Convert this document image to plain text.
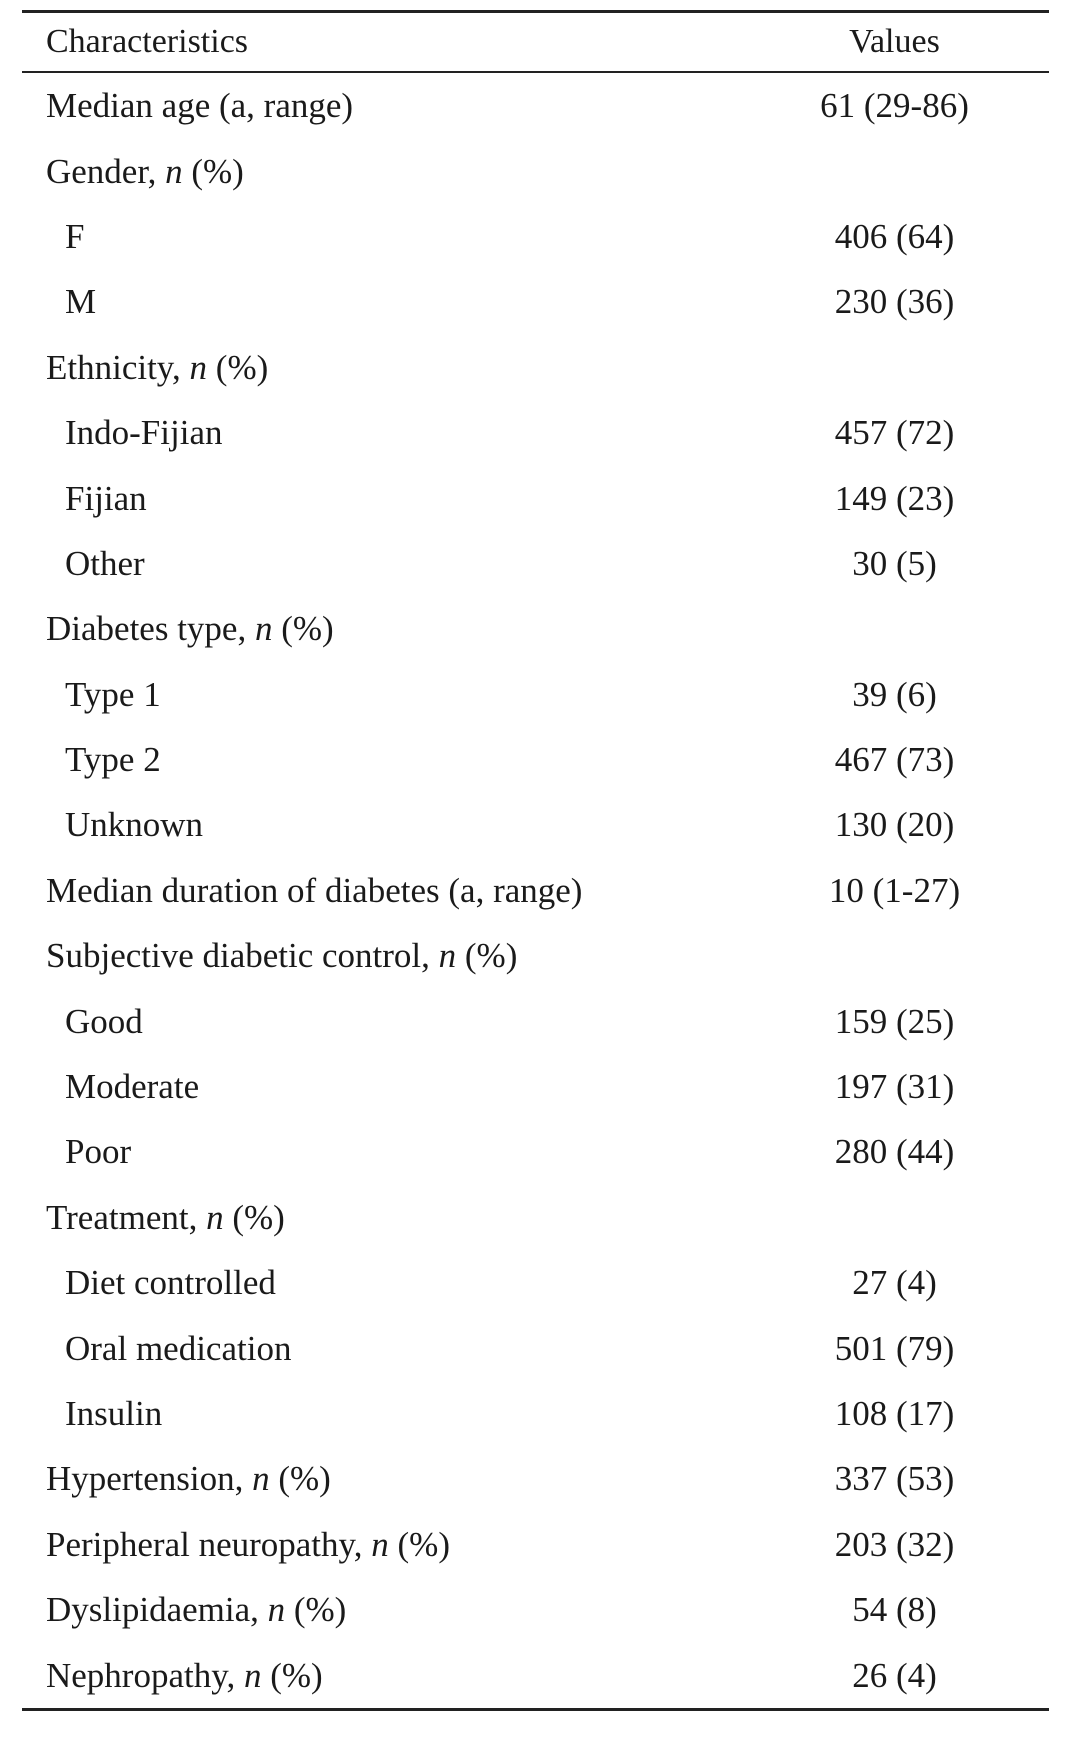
Characteristics	Values
Median age (a, range)	61 (29-86)
Gender, n (%)
F	406 (64)
M	230 (36)
Ethnicity, n (%)
Indo-Fijian	457 (72)
Fijian	149 (23)
Other	30 (5)
Diabetes type, n (%)
Type 1	39 (6)
Type 2	467 (73)
Unknown	130 (20)
Median duration of diabetes (a, range)	10 (1-27)
Subjective diabetic control, n (%)
Good	159 (25)
Moderate	197 (31)
Poor	280 (44)
Treatment, n (%)
Diet controlled	27 (4)
Oral medication	501 (79)
Insulin	108 (17)
Hypertension, n (%)	337 (53)
Peripheral neuropathy, n (%)	203 (32)
Dyslipidaemia, n (%)	54 (8)
Nephropathy, n (%)	26 (4)
